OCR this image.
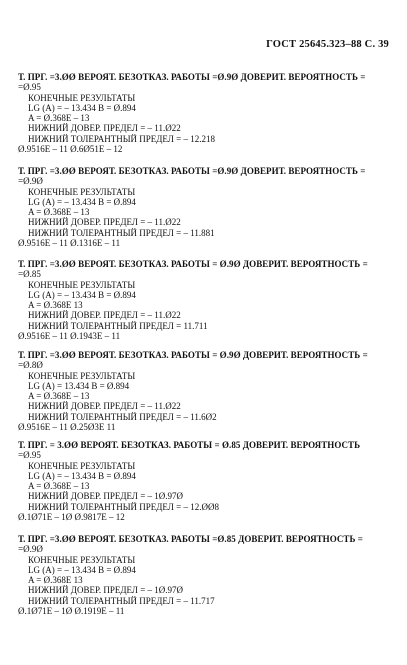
ГОСТ 25645.323–88 С. 39
Т. ПРГ. =3.ØØ ВЕРОЯТ. БЕЗОТКАЗ. РАБОТЫ =Ø.9Ø ДОВЕРИТ. ВЕРОЯТНОСТЬ =
=Ø.95
КОНЕЧНЫЕ РЕЗУЛЬТАТЫ
LG (A) = – 13.434 B = Ø.894
A = Ø.368E – 13
НИЖНИЙ ДОВЕР. ПРЕДЕЛ = – 11.Ø22
НИЖНИЙ ТОЛЕРАНТНЫЙ ПРЕДЕЛ = – 12.218
Ø.9516E – 11 Ø.6Ø51E – 12
Т. ПРГ. =3.ØØ ВЕРОЯТ. БЕЗОТКАЗ. РАБОТЫ =Ø.9Ø ДОВЕРИТ. ВЕРОЯТНОСТЬ =
=Ø.9Ø
КОНЕЧНЫЕ РЕЗУЛЬТАТЫ
LG (A) = – 13.434 B = Ø.894
A = Ø.368E – 13
НИЖНИЙ ДОВЕР. ПРЕДЕЛ = – 11.Ø22
НИЖНИЙ ТОЛЕРАНТНЫЙ ПРЕДЕЛ = – 11.881
Ø.9516E – 11 Ø.1316E – 11
Т. ПРГ. =3.ØØ ВЕРОЯТ. БЕЗОТКАЗ. РАБОТЫ = Ø.9Ø ДОВЕРИТ. ВЕРОЯТНОСТЬ =
=Ø.85
КОНЕЧНЫЕ РЕЗУЛЬТАТЫ
LG (A) = – 13.434 B = Ø.894
A = Ø.368E 13
НИЖНИЙ ДОВЕР. ПРЕДЕЛ = – 11.Ø22
НИЖНИЙ ТОЛЕРАНТНЫЙ ПРЕДЕЛ = 11.711
Ø.9516E – 11 Ø.1943E – 11
Т. ПРГ. =3.ØØ ВЕРОЯТ. БЕЗОТКАЗ. РАБОТЫ = Ø.9Ø ДОВЕРИТ. ВЕРОЯТНОСТЬ =
=Ø.8Ø
КОНЕЧНЫЕ РЕЗУЛЬТАТЫ
LG (A) = 13.434 B = Ø.894
A = Ø.368E – 13
НИЖНИЙ ДОВЕР. ПРЕДЕЛ = – 11.Ø22
НИЖНИЙ ТОЛЕРАНТНЫЙ ПРЕДЕЛ = – 11.6Ø2
Ø.9516E – 11 Ø.25Ø3E 11
Т. ПРГ. = 3.ØØ ВЕРОЯТ. БЕЗОТКАЗ. РАБОТЫ = Ø.85 ДОВЕРИТ. ВЕРОЯТНОСТЬ
=Ø.95
КОНЕЧНЫЕ РЕЗУЛЬТАТЫ
LG (A) = – 13.434 B = Ø.894
A = Ø.368E – 13
НИЖНИЙ ДОВЕР. ПРЕДЕЛ = – 1Ø.97Ø
НИЖНИЙ ТОЛЕРАНТНЫЙ ПРЕДЕЛ = – 12.ØØ8
Ø.1Ø71E – 1Ø Ø.9817E – 12
Т. ПРГ. =3.ØØ ВЕРОЯТ. БЕЗОТКАЗ. РАБОТЫ =Ø.85 ДОВЕРИТ. ВЕРОЯТНОСТЬ =
=Ø.9Ø
КОНЕЧНЫЕ РЕЗУЛЬТАТЫ
LG (A) = – 13.434 B = Ø.894
A = Ø.368E 13
НИЖНИЙ ДОВЕР. ПРЕДЕЛ = – 1Ø.97Ø
НИЖНИЙ ТОЛЕРАНТНЫЙ ПРЕДЕЛ = – 11.717
Ø.1Ø71E – 1Ø Ø.1919E – 11
